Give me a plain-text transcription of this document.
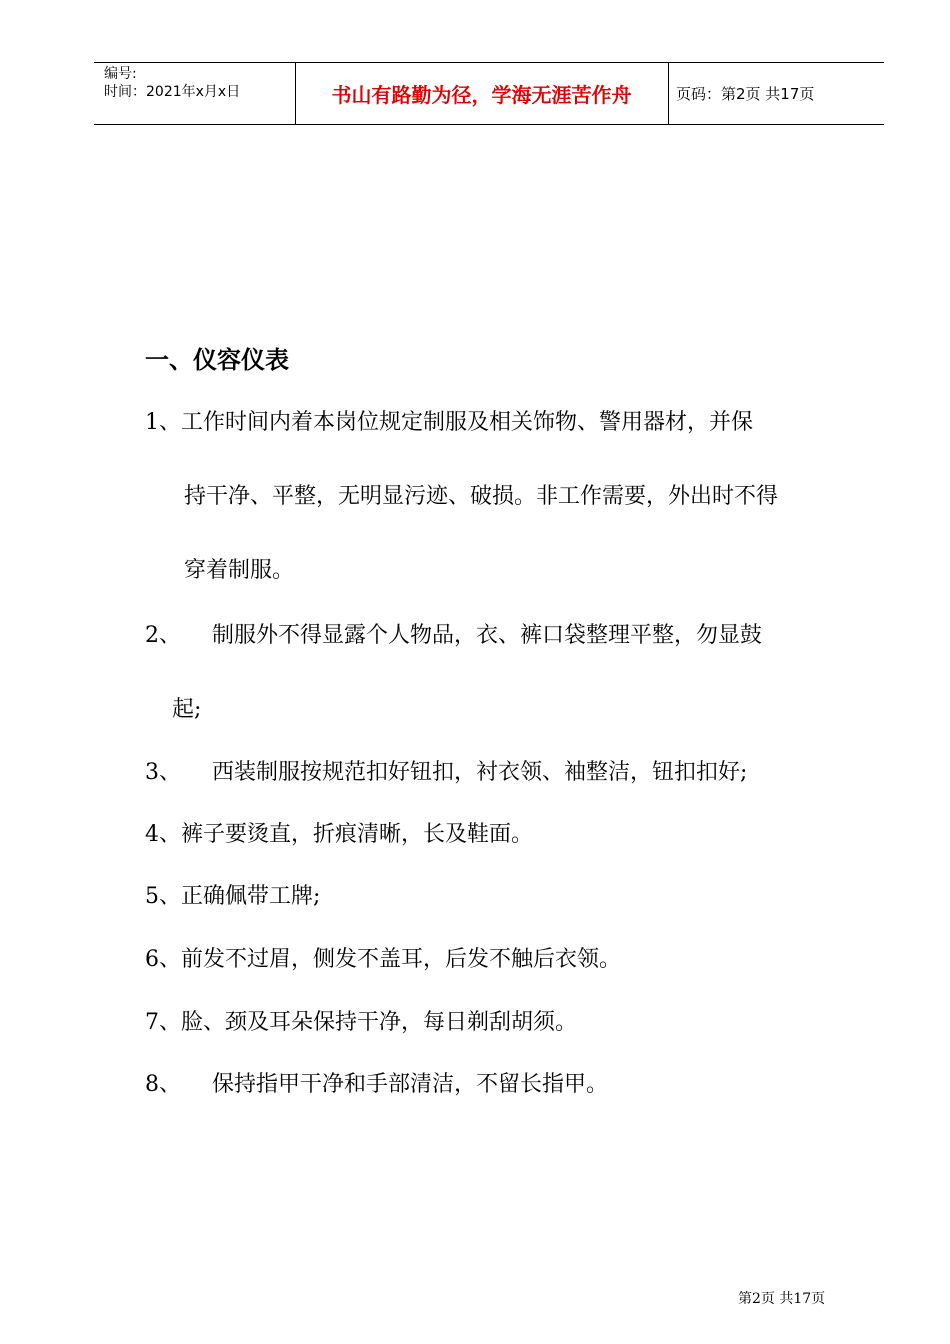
编号:
时间：2021年x月x日	书山有路勤为径，学海无涯苦作舟	页码：第2页 共17页
一、仪容仪表
1、工作时间内着本岗位规定制服及相关饰物、警用器材，并保
持干净、平整，无明显污迹、破损。非工作需要，外出时不得
穿着制服。
2、 制服外不得显露个人物品，衣、裤口袋整理平整，勿显鼓
起;
3、 西装制服按规范扣好钮扣，衬衣领、袖整洁，钮扣扣好;
4、裤子要烫直，折痕清晰，长及鞋面。
5、正确佩带工牌;
6、前发不过眉，侧发不盖耳，后发不触后衣领。
7、脸、颈及耳朵保持干净，每日剃刮胡须。
8、 保持指甲干净和手部清洁，不留长指甲。
第2页 共17页
